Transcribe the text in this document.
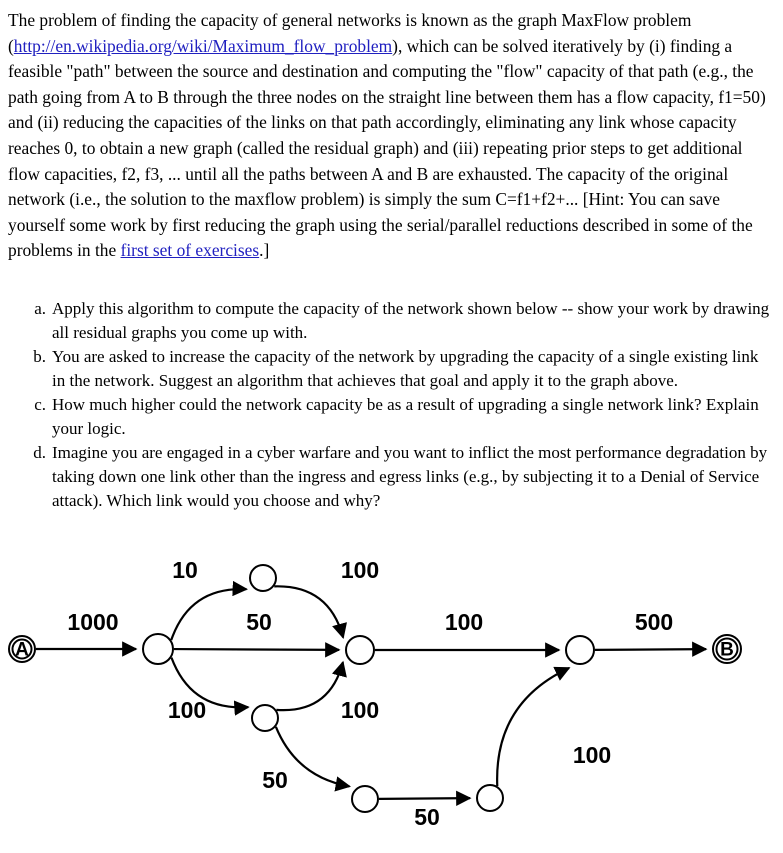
The problem of finding the capacity of general networks is known as the graph MaxFlow problem (http://en.wikipedia.org/wiki/Maximum_flow_problem), which can be solved iteratively by (i) finding a feasible "path" between the source and destination and computing the "flow" capacity of that path (e.g., the path going from A to B through the three nodes on the straight line between them has a flow capacity, f1=50) and (ii) reducing the capacities of the links on that path accordingly, eliminating any link whose capacity reaches 0, to obtain a new graph (called the residual graph) and (iii) repeating prior steps to get additional flow capacities, f2, f3, ... until all the paths between A and B are exhausted. The capacity of the original network (i.e., the solution to the maxflow problem) is simply the sum C=f1+f2+... [Hint: You can save yourself some work by first reducing the graph using the serial/parallel reductions described in some of the problems in the first set of exercises.]
a. Apply this algorithm to compute the capacity of the network shown below -- show your work by drawing all residual graphs you come up with.
b. You are asked to increase the capacity of the network by upgrading the capacity of a single existing link in the network. Suggest an algorithm that achieves that goal and apply it to the graph above.
c. How much higher could the network capacity be as a result of upgrading a single network link? Explain your logic.
d. Imagine you are engaged in a cyber warfare and you want to inflict the most performance degradation by taking down one link other than the ingress and egress links (e.g., by subjecting it to a Denial of Service attack). Which link would you choose and why?
A	B
1000
10	100
50
100	100
100
50
50
100
500
